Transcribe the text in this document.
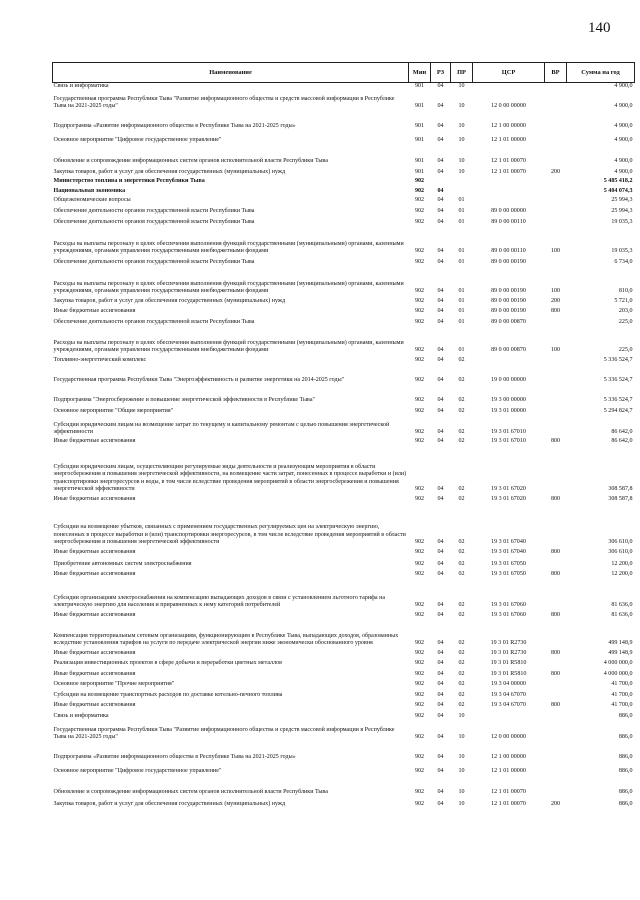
140
Наименование	Мин	РЗ	ПР	ЦСР	ВР	Сумма на год
Связь и информатика	901	04	10			4 900,0
Государственная программа Республики Тыва "Развитие информационного общества и средств массовой информации в Республике Тыва на 2021-2025 годы"	901	04	10	12 0 00 00000		4 900,0
Подпрограмма «Развитие информационного общества в Республике Тыва на 2021-2025 годы»	901	04	10	12 1 00 00000		4 900,0
Основное мероприятие "Цифровое государственное управление"	901	04	10	12 1 01 00000		4 900,0
Обновление и сопровождение информационных систем органов исполнительной власти Республики Тыва	901	04	10	12 1 01 00070		4 900,0
Закупка товаров, работ и услуг для обеспечения государственных (муниципальных) нужд	901	04	10	12 1 01 00070	200	4 900,0
Министерство топлива и энергетики Республики Тыва	902					5 485 418,2
Национальная экономика	902	04				5 404 074,3
Общеэкономические вопросы	902	04	01			25 994,3
Обеспечение деятельности органов государственной власти Республики Тыва	902	04	01	89 0 00 00000		25 994,3
Обеспечение деятельности органов государственной власти Республики Тыва	902	04	01	89 0 00 00110		19 035,3
Расходы на выплаты персоналу в целях обеспечения выполнения функций государственными (муниципальными) органами, казенными учреждениями, органами управления государственными внебюджетными фондами	902	04	01	89 0 00 00110	100	19 035,3
Обеспечение деятельности органов государственной власти Республики Тыва	902	04	01	89 0 00 00190		6 734,0
Расходы на выплаты персоналу в целях обеспечения выполнения функций государственными (муниципальными) органами, казенными учреждениями, органами управления государственными внебюджетными фондами	902	04	01	89 0 00 00190	100	810,0
Закупка товаров, работ и услуг для обеспечения государственных (муниципальных) нужд	902	04	01	89 0 00 00190	200	5 721,0
Иные бюджетные ассигнования	902	04	01	89 0 00 00190	800	203,0
Обеспечение деятельности органов государственной власти Республики Тыва	902	04	01	89 0 00 00870		225,0
Расходы на выплаты персоналу в целях обеспечения выполнения функций государственными (муниципальными) органами, казенными учреждениями, органами управления государственными внебюджетными фондами	902	04	01	89 0 00 00870	100	225,0
Топливно-энергетический комплекс	902	04	02			5 336 524,7
Государственная программа Республики Тыва "Энергоэффективность и развитие энергетики на 2014-2025 годы"	902	04	02	19 0 00 00000		5 336 524,7
Подпрограмма "Энергосбережение и повышение энергетической эффективности в Республике Тыва"	902	04	02	19 3 00 00000		5 336 524,7
Основное мероприятие "Общие мероприятия"	902	04	02	19 3 01 00000		5 294 824,7
Субсидии юридическим лицам на возмещение затрат по текущему и капитальному ремонтам с целью повышения энергетической эффективности	902	04	02	19 3 01 67010		86 642,0
Иные бюджетные ассигнования	902	04	02	19 3 01 67010	800	86 642,0
Субсидии юридическим лицам, осуществляющим регулируемые виды деятельности и реализующим мероприятия в области энергосбережения и повышения энергетической эффективности, на возмещение части затрат, понесенных в процессе выработки и (или) транспортировки энергоресурсов и воды, в том числе вследствие проведения мероприятий в области энергосбережения и повышения энергетической эффективности	902	04	02	19 3 01 67020		308 587,8
Иные бюджетные ассигнования	902	04	02	19 3 01 67020	800	308 587,8
Субсидии на возмещение убытков, связанных с применением государственных регулируемых цен на электрическую энергию, понесенных в процессе выработки и (или) транспортировки энергоресурсов, в том числе вследствие проведения мероприятий в области энергосбережения и повышения энергетической эффективности	902	04	02	19 3 01 67040		306 610,0
Иные бюджетные ассигнования	902	04	02	19 3 01 67040	800	306 610,0
Приобретение автономных систем электроснабжения	902	04	02	19 3 01 67050		12 200,0
Иные бюджетные ассигнования	902	04	02	19 3 01 67050	800	12 200,0
Субсидии организациям электроснабжения на компенсацию выпадающих доходов в связи с установлением льготного тарифа на электрическую энергию для населения и приравненных к нему категорий потребителей	902	04	02	19 3 01 67060		81 636,0
Иные бюджетные ассигнования	902	04	02	19 3 01 67060	800	81 636,0
Компенсация территориальным сетевым организациям, функционирующим в Республике Тыва, выпадающих доходов, образованных вследствие установления тарифов на услуги по передаче электрической энергии ниже экономически обоснованного уровня	902	04	02	19 3 01 R2730		499 148,9
Иные бюджетные ассигнования	902	04	02	19 3 01 R2730	800	499 148,9
Реализация инвестиционных проектов в сфере добычи и переработки цветных металлов	902	04	02	19 3 01 R5810		4 000 000,0
Иные бюджетные ассигнования	902	04	02	19 3 01 R5810	800	4 000 000,0
Основное мероприятие "Прочие мероприятия"	902	04	02	19 3 04 00000		41 700,0
Субсидии на возмещение транспортных расходов по доставке котельно-печного топлива	902	04	02	19 3 04 67070		41 700,0
Иные бюджетные ассигнования	902	04	02	19 3 04 67070	800	41 700,0
Связь и информатика	902	04	10			886,0
Государственная программа Республики Тыва "Развитие информационного общества и средств массовой информации в Республике Тыва на 2021-2025 годы"	902	04	10	12 0 00 00000		886,0
Подпрограмма «Развитие информационного общества в Республике Тыва на 2021-2025 годы»	902	04	10	12 1 00 00000		886,0
Основное мероприятие "Цифровое государственное управление"	902	04	10	12 1 01 00000		886,0
Обновление и сопровождение информационных систем органов исполнительной власти Республики Тыва	902	04	10	12 1 01 00070		886,0
Закупка товаров, работ и услуг для обеспечения государственных (муниципальных) нужд	902	04	10	12 1 01 00070	200	886,0
